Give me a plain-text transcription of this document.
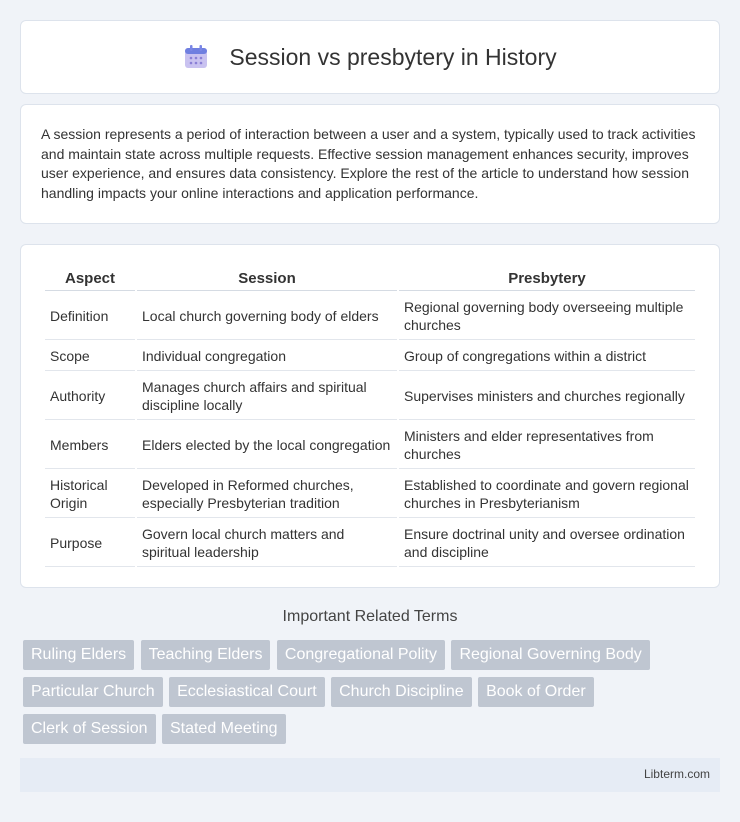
Session vs presbytery in History

A session represents a period of interaction between a user and a system, typically used to track activities and maintain state across multiple requests. Effective session management enhances security, improves user experience, and ensures data consistency. Explore the rest of the article to understand how session handling impacts your online interactions and application performance.

Aspect	Session	Presbytery
Definition	Local church governing body of elders	Regional governing body overseeing multiple churches
Scope	Individual congregation	Group of congregations within a district
Authority	Manages church affairs and spiritual discipline locally	Supervises ministers and churches regionally
Members	Elders elected by the local congregation	Ministers and elder representatives from churches
Historical Origin	Developed in Reformed churches, especially Presbyterian tradition	Established to coordinate and govern regional churches in Presbyterianism
Purpose	Govern local church matters and spiritual leadership	Ensure doctrinal unity and oversee ordination and discipline
Important Related Terms
Ruling Elders Teaching Elders Congregational Polity Regional Governing Body
Particular Church Ecclesiastical Court Church Discipline Book of Order
Clerk of Session Stated Meeting
Libterm.com
